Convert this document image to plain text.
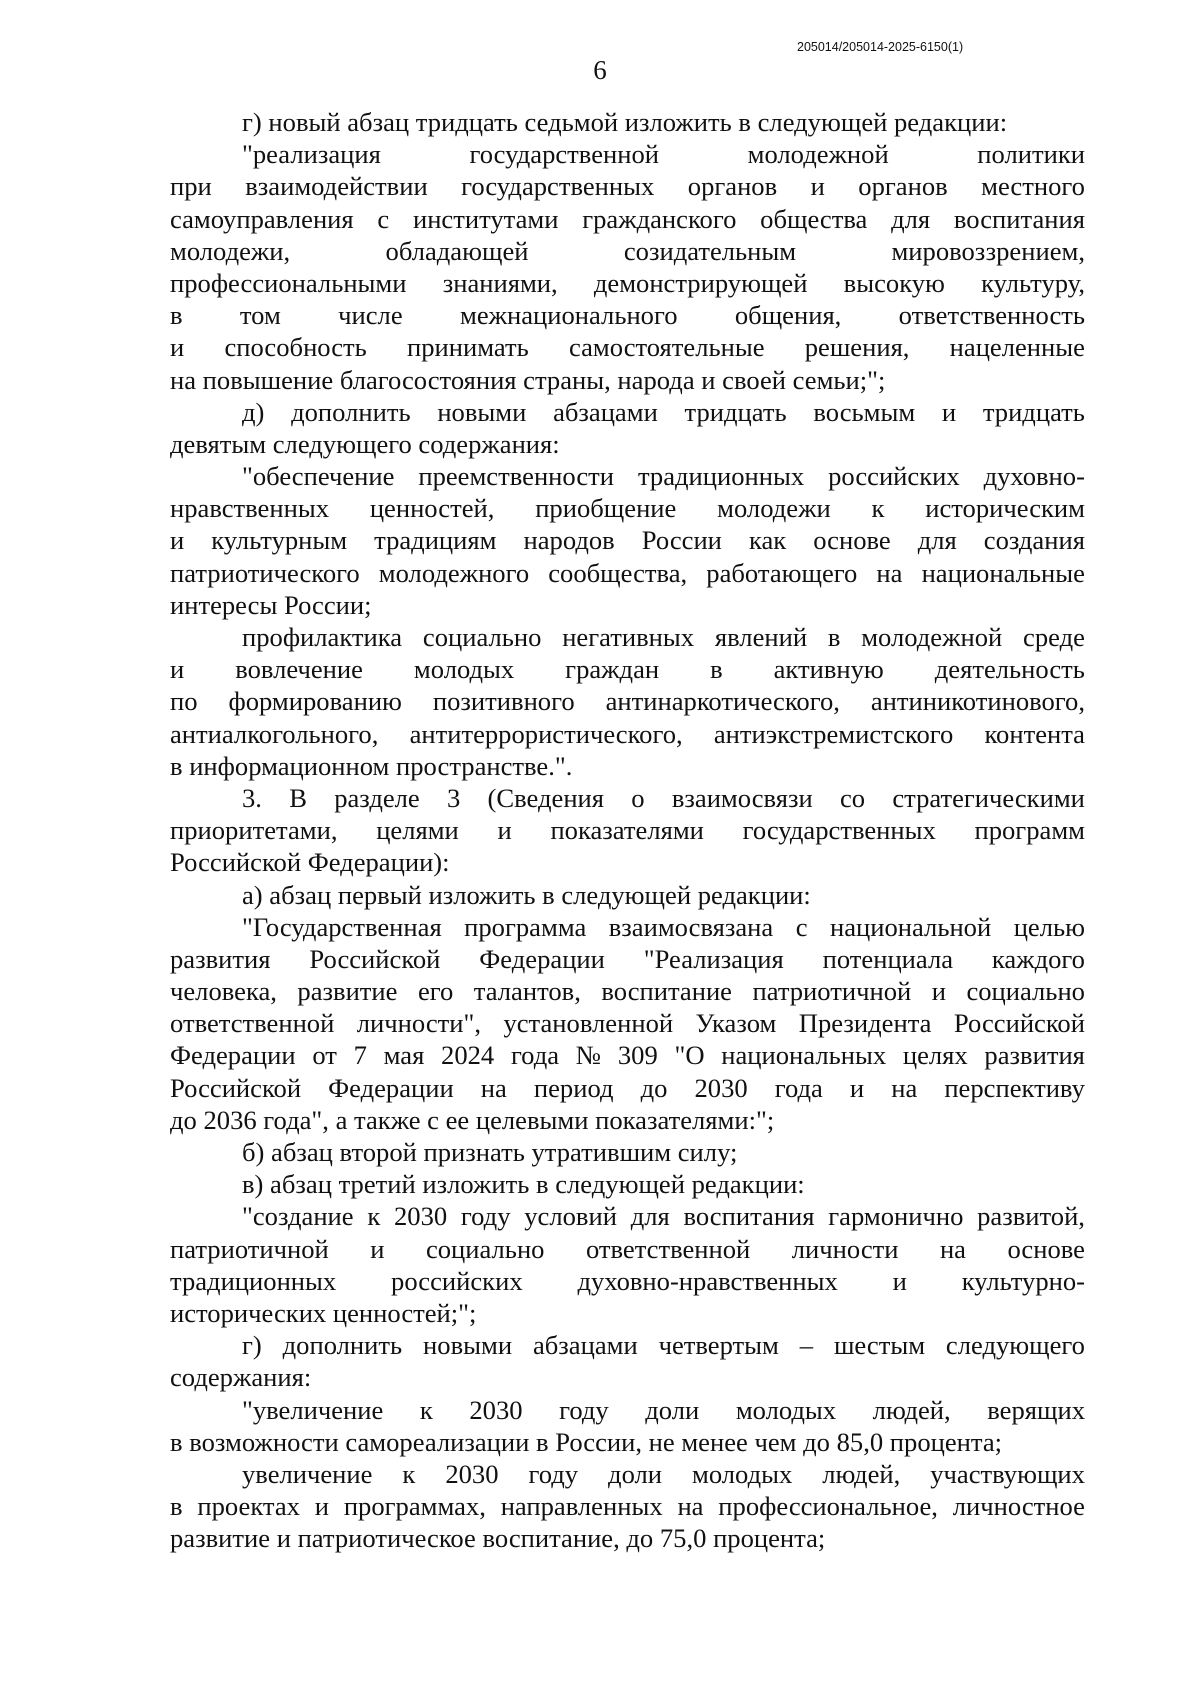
205014/205014-2025-6150(1)
6
г) новый абзац тридцать седьмой изложить в следующей редакции:
"реализация	государственной	молодежной	политики
при взаимодействии государственных органов и органов местного
самоуправления с институтами гражданского общества для воспитания
молодежи,	обладающей	созидательным	мировоззрением,
профессиональными знаниями, демонстрирующей высокую культуру,
в том числе межнационального общения, ответственность
и способность принимать самостоятельные решения, нацеленные
на повышение благосостояния страны, народа и своей семьи;";
д) дополнить новыми абзацами тридцать восьмым и тридцать
девятым следующего содержания:
"обеспечение преемственности традиционных российских духовно-
нравственных ценностей, приобщение молодежи к историческим
и культурным традициям народов России как основе для создания
патриотического молодежного сообщества, работающего на национальные
интересы России;
профилактика социально негативных явлений в молодежной среде
и вовлечение молодых граждан в активную деятельность
по формированию позитивного антинаркотического, антиникотинового,
антиалкогольного, антитеррористического, антиэкстремистского контента
в информационном пространстве.".
3. В разделе 3 (Сведения о взаимосвязи со стратегическими
приоритетами, целями и показателями государственных программ
Российской Федерации):
а) абзац первый изложить в следующей редакции:
"Государственная программа взаимосвязана с национальной целью
развития Российской Федерации "Реализация потенциала каждого
человека, развитие его талантов, воспитание патриотичной и социально
ответственной личности", установленной Указом Президента Российской
Федерации от 7 мая 2024 года № 309 "О национальных целях развития
Российской Федерации на период до 2030 года и на перспективу
до 2036 года", а также с ее целевыми показателями:";
б) абзац второй признать утратившим силу;
в) абзац третий изложить в следующей редакции:
"создание к 2030 году условий для воспитания гармонично развитой,
патриотичной и социально ответственной личности на основе
традиционных российских духовно-нравственных и культурно-
исторических ценностей;";
г) дополнить новыми абзацами четвертым – шестым следующего
содержания:
"увеличение к 2030 году доли молодых людей, верящих
в возможности самореализации в России, не менее чем до 85,0 процента;
увеличение к 2030 году доли молодых людей, участвующих
в проектах и программах, направленных на профессиональное, личностное
развитие и патриотическое воспитание, до 75,0 процента;
